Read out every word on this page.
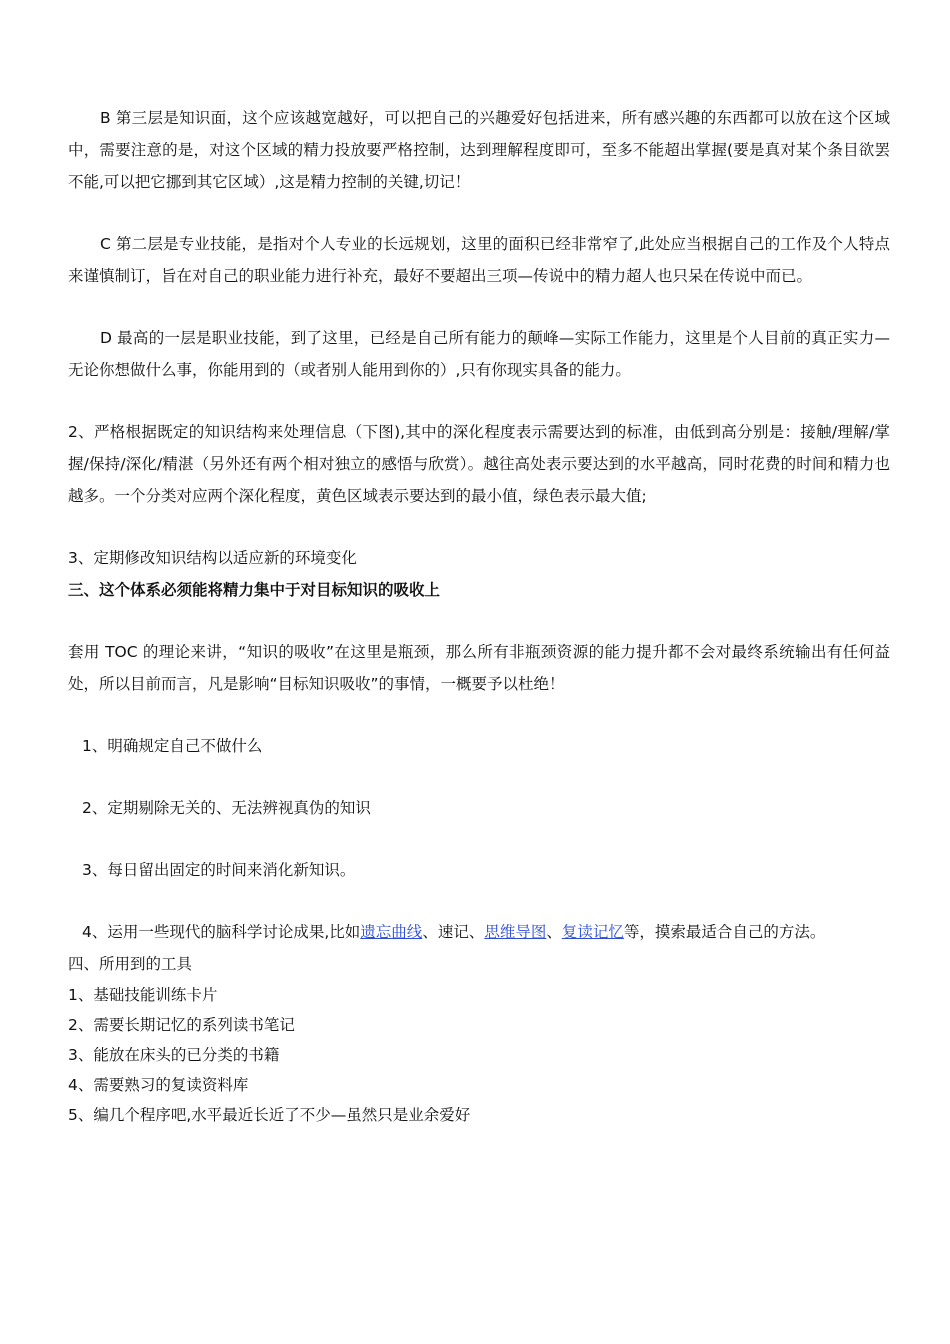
B 第三层是知识面，这个应该越宽越好，可以把自己的兴趣爱好包括进来，所有感兴趣的东西都可以放在这个区域中，需要注意的是，对这个区域的精力投放要严格控制，达到理解程度即可，至多不能超出掌握(要是真对某个条目欲罢不能,可以把它挪到其它区域）,这是精力控制的关键,切记！

C 第二层是专业技能，是指对个人专业的长远规划，这里的面积已经非常窄了,此处应当根据自己的工作及个人特点来谨慎制订，旨在对自己的职业能力进行补充，最好不要超出三项—传说中的精力超人也只呆在传说中而已。

D 最高的一层是职业技能，到了这里，已经是自己所有能力的颠峰—实际工作能力，这里是个人目前的真正实力—无论你想做什么事，你能用到的（或者别人能用到你的）,只有你现实具备的能力。

2、严格根据既定的知识结构来处理信息（下图),其中的深化程度表示需要达到的标准，由低到高分别是：接触/理解/掌握/保持/深化/精湛（另外还有两个相对独立的感悟与欣赏）。越往高处表示要达到的水平越高，同时花费的时间和精力也越多。一个分类对应两个深化程度，黄色区域表示要达到的最小值，绿色表示最大值;

3、定期修改知识结构以适应新的环境变化

三、这个体系必须能将精力集中于对目标知识的吸收上

套用 TOC 的理论来讲，“知识的吸收”在这里是瓶颈，那么所有非瓶颈资源的能力提升都不会对最终系统输出有任何益处，所以目前而言，凡是影响“目标知识吸收”的事情，一概要予以杜绝！

1、明确规定自己不做什么

2、定期剔除无关的、无法辨视真伪的知识

3、每日留出固定的时间来消化新知识。

4、运用一些现代的脑科学讨论成果,比如遗忘曲线、速记、思维导图、复读记忆等，摸索最适合自己的方法。

四、所用到的工具

1、基础技能训练卡片
2、需要长期记忆的系列读书笔记
3、能放在床头的已分类的书籍
4、需要熟习的复读资料库
5、编几个程序吧,水平最近长近了不少—虽然只是业余爱好
